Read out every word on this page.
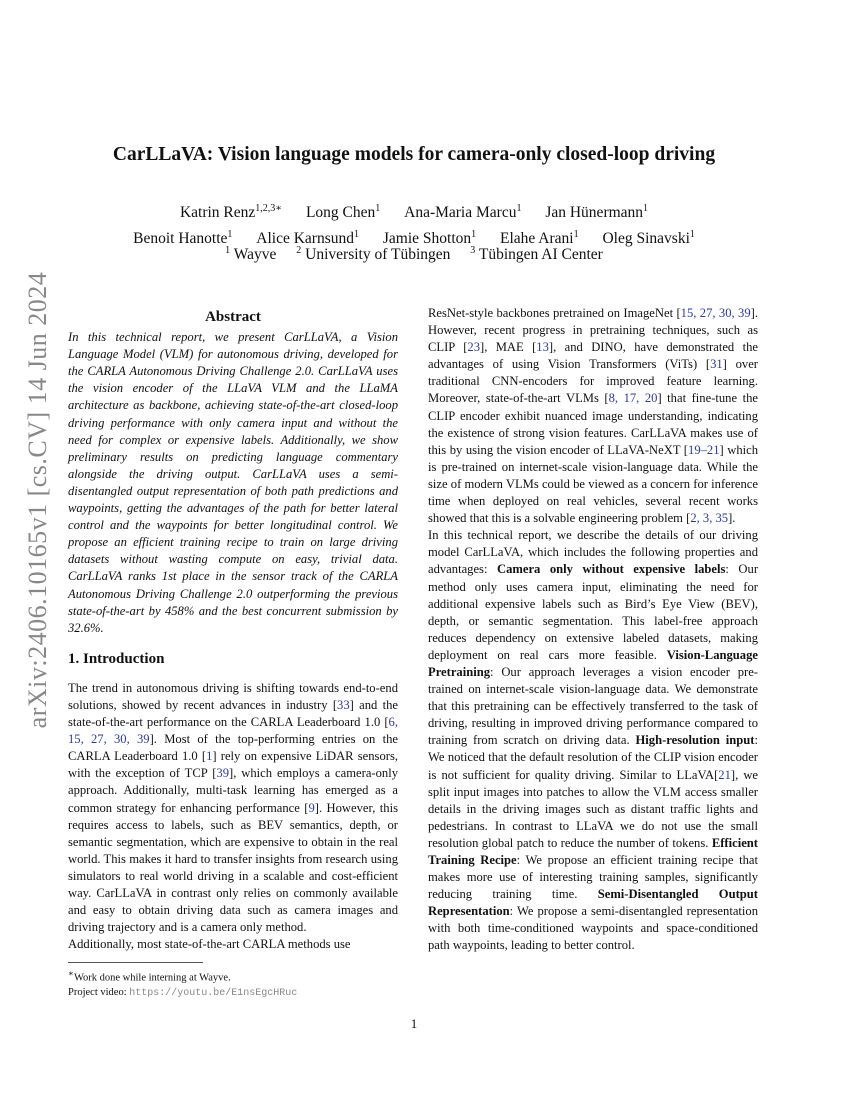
arXiv:2406.10165v1 [cs.CV] 14 Jun 2024
CarLLaVA: Vision language models for camera-only closed-loop driving
Katrin Renz$^{1,2,3∗}$ Long Chen$^1$ Ana-Maria Marcu$^1$ Jan Hünermann$^1$
Benoit Hanotte$^1$ Alice Karnsund$^1$ Jamie Shotton$^1$ Elahe Arani$^1$ Oleg Sinavski$^1$
$^1$ Wayve $^2$ University of Tübingen $^3$ Tübingen AI Center
Abstract

In this technical report, we present CarLLaVA, a Vision Language Model (VLM) for autonomous driving, developed for the CARLA Autonomous Driving Challenge 2.0. CarLLaVA uses the vision encoder of the LLaVA VLM and the LLaMA architecture as backbone, achieving state-of-the-art closed-loop driving performance with only camera input and without the need for complex or expensive labels. Additionally, we show preliminary results on predicting language commentary alongside the driving output. CarLLaVA uses a semi-disentangled output representation of both path predictions and waypoints, getting the advantages of the path for better lateral control and the waypoints for better longitudinal control. We propose an efficient training recipe to train on large driving datasets without wasting compute on easy, trivial data. CarLLaVA ranks 1st place in the sensor track of the CARLA Autonomous Driving Challenge 2.0 outperforming the previous state-of-the-art by 458% and the best concurrent submission by 32.6%.

1. Introduction

The trend in autonomous driving is shifting towards end-to-end solutions, showed by recent advances in industry [33] and the state-of-the-art performance on the CARLA Leaderboard 1.0 [6, 15, 27, 30, 39]. Most of the top-performing entries on the CARLA Leaderboard 1.0 [1] rely on expensive LiDAR sensors, with the exception of TCP [39], which employs a camera-only approach. Additionally, multi-task learning has emerged as a common strategy for enhancing performance [9]. However, this requires access to labels, such as BEV semantics, depth, or semantic segmentation, which are expensive to obtain in the real world. This makes it hard to transfer insights from research using simulators to real world driving in a scalable and cost-efficient way. CarLLaVA in contrast only relies on commonly available and easy to obtain driving data such as camera images and driving trajectory and is a camera only method.

Additionally, most state-of-the-art CARLA methods use

∗Work done while interning at Wayve.
Project video: https://youtu.be/E1nsEgcHRuc

ResNet-style backbones pretrained on ImageNet [15, 27, 30, 39]. However, recent progress in pretraining techniques, such as CLIP [23], MAE [13], and DINO, have demonstrated the advantages of using Vision Transformers (ViTs) [31] over traditional CNN-encoders for improved feature learning. Moreover, state-of-the-art VLMs [8, 17, 20] that fine-tune the CLIP encoder exhibit nuanced image understanding, indicating the existence of strong vision features. CarLLaVA makes use of this by using the vision encoder of LLaVA-NeXT [19–21] which is pre-trained on internet-scale vision-language data. While the size of modern VLMs could be viewed as a concern for inference time when deployed on real vehicles, several recent works showed that this is a solvable engineering problem [2, 3, 35].

In this technical report, we describe the details of our driving model CarLLaVA, which includes the following properties and advantages: Camera only without expensive labels: Our method only uses camera input, eliminating the need for additional expensive labels such as Bird’s Eye View (BEV), depth, or semantic segmentation. This label-free approach reduces dependency on extensive labeled datasets, making deployment on real cars more feasible. Vision-Language Pretraining: Our approach leverages a vision encoder pre-trained on internet-scale vision-language data. We demonstrate that this pretraining can be effectively transferred to the task of driving, resulting in improved driving performance compared to training from scratch on driving data. High-resolution input: We noticed that the default resolution of the CLIP vision encoder is not sufficient for quality driving. Similar to LLaVA[21], we split input images into patches to allow the VLM access smaller details in the driving images such as distant traffic lights and pedestrians. In contrast to LLaVA we do not use the small resolution global patch to reduce the number of tokens. Efficient Training Recipe: We propose an efficient training recipe that makes more use of interesting training samples, significantly reducing training time. Semi-Disentangled Output Representation: We propose a semi-disentangled representation with both time-conditioned waypoints and space-conditioned path waypoints, leading to better control.

1
